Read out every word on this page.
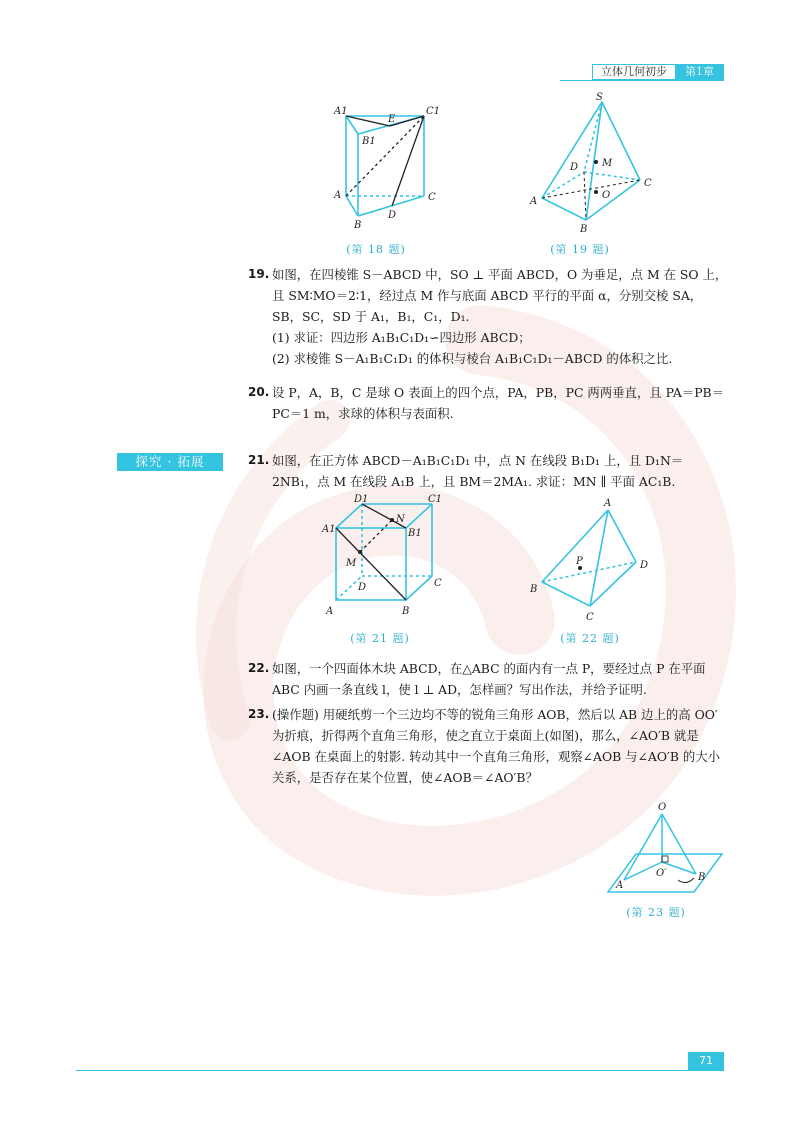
立体几何初步	第1章
A1	C1
E
B1
A	C
B
D
(第 18 题)
S
D M
C
O
A
B
(第 19 题)
19. 如图，在四棱锥 S－ABCD 中，SO ⊥ 平面 ABCD，O 为垂足，点 M 在 SO 上，且 SM∶MO＝2∶1，经过点 M 作与底面 ABCD 平行的平面 α，分别交棱 SA，SB，SC，SD 于 A₁，B₁，C₁，D₁.
(1) 求证：四边形 A₁B₁C₁D₁∽四边形 ABCD；
(2) 求棱锥 S－A₁B₁C₁D₁ 的体积与棱台 A₁B₁C₁D₁－ABCD 的体积之比.
20. 设 P，A，B，C 是球 O 表面上的四个点，PA，PB，PC 两两垂直，且 PA＝PB＝PC＝1 m，求球的体积与表面积.
探究 · 拓展	21. 如图，在正方体 ABCD－A₁B₁C₁D₁ 中，点 N 在线段 B₁D₁ 上，且 D₁N＝2NB₁，点 M 在线段 A₁B 上，且 BM＝2MA₁. 求证：MN ∥ 平面 AC₁B.
D1	C1
A1	B1
N
M
D	C
A	B
(第 21 题)
A
P	D
B
C
(第 22 题)
22. 如图，一个四面体木块 ABCD，在△ABC 的面内有一点 P，要经过点 P 在平面 ABC 内画一条直线 l，使 l ⊥ AD，怎样画？写出作法，并给予证明.
23. (操作题) 用硬纸剪一个三边均不等的锐角三角形 AOB，然后以 AB 边上的高 OO′ 为折痕，折得两个直角三角形，使之直立于桌面上(如图)，那么，∠AO′B 就是∠AOB 在桌面上的射影. 转动其中一个直角三角形，观察∠AOB 与∠AO′B 的大小关系，是否存在某个位置，使∠AOB＝∠AO′B？
O
O′
A
B
(第 23 题)
71
